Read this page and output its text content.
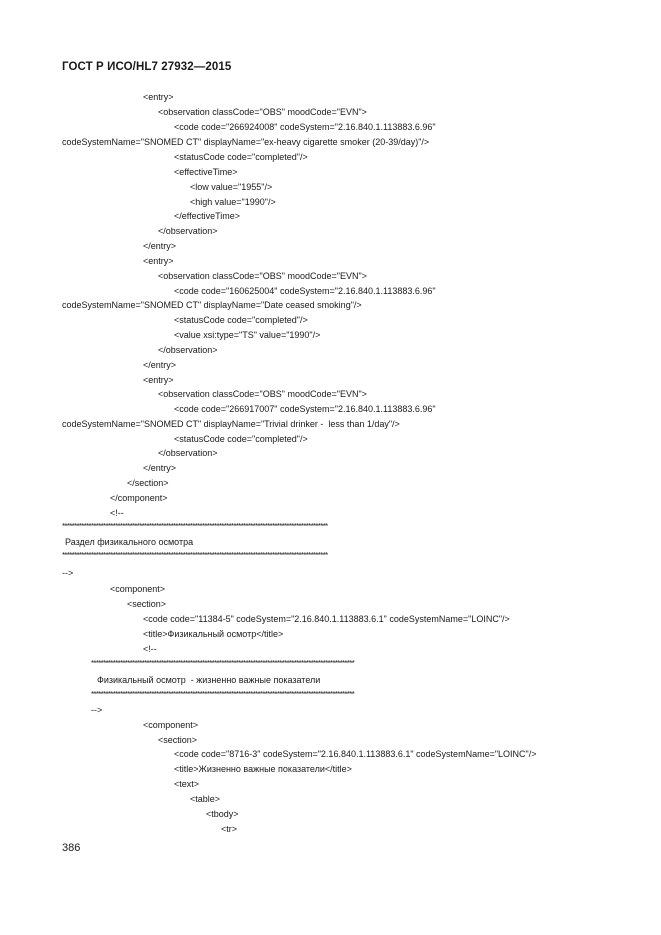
ГОСТ Р ИСО/HL7 27932—2015
<entry>
<observation classCode="OBS" moodCode="EVN">
<code code="266924008" codeSystem="2.16.840.1.113883.6.96"
codeSystemName="SNOMED CT" displayName="ex-heavy cigarette smoker (20-39/day)"/>
<statusCode code="completed"/>
<effectiveTime>
<low value="1955"/>
<high value="1990"/>
</effectiveTime>
</observation>
</entry>
<entry>
<observation classCode="OBS" moodCode="EVN">
<code code="160625004" codeSystem="2.16.840.1.113883.6.96"
codeSystemName="SNOMED CT" displayName="Date ceased smoking"/>
<statusCode code="completed"/>
<value xsi:type="TS" value="1990"/>
</observation>
</entry>
<entry>
<observation classCode="OBS" moodCode="EVN">
<code code="266917007" codeSystem="2.16.840.1.113883.6.96"
codeSystemName="SNOMED CT" displayName="Trivial drinker -  less than 1/day"/>
<statusCode code="completed"/>
</observation>
</entry>
</section>
</component>
<!--
**************************************************************************************************************
Раздел физикального осмотра
**************************************************************************************************************
-->
<component>
<section>
<code code="11384-5" codeSystem="2.16.840.1.113883.6.1" codeSystemName="LOINC"/>
<title>Физикальный осмотр</title>
<!--
*************************************************************************************************************
Физикальный осмотр  - жизненно важные показатели
*************************************************************************************************************
-->
<component>
<section>
<code code="8716-3" codeSystem="2.16.840.1.113883.6.1" codeSystemName="LOINC"/>
<title>Жизненно важные показатели</title>
<text>
<table>
<tbody>
<tr>
386
